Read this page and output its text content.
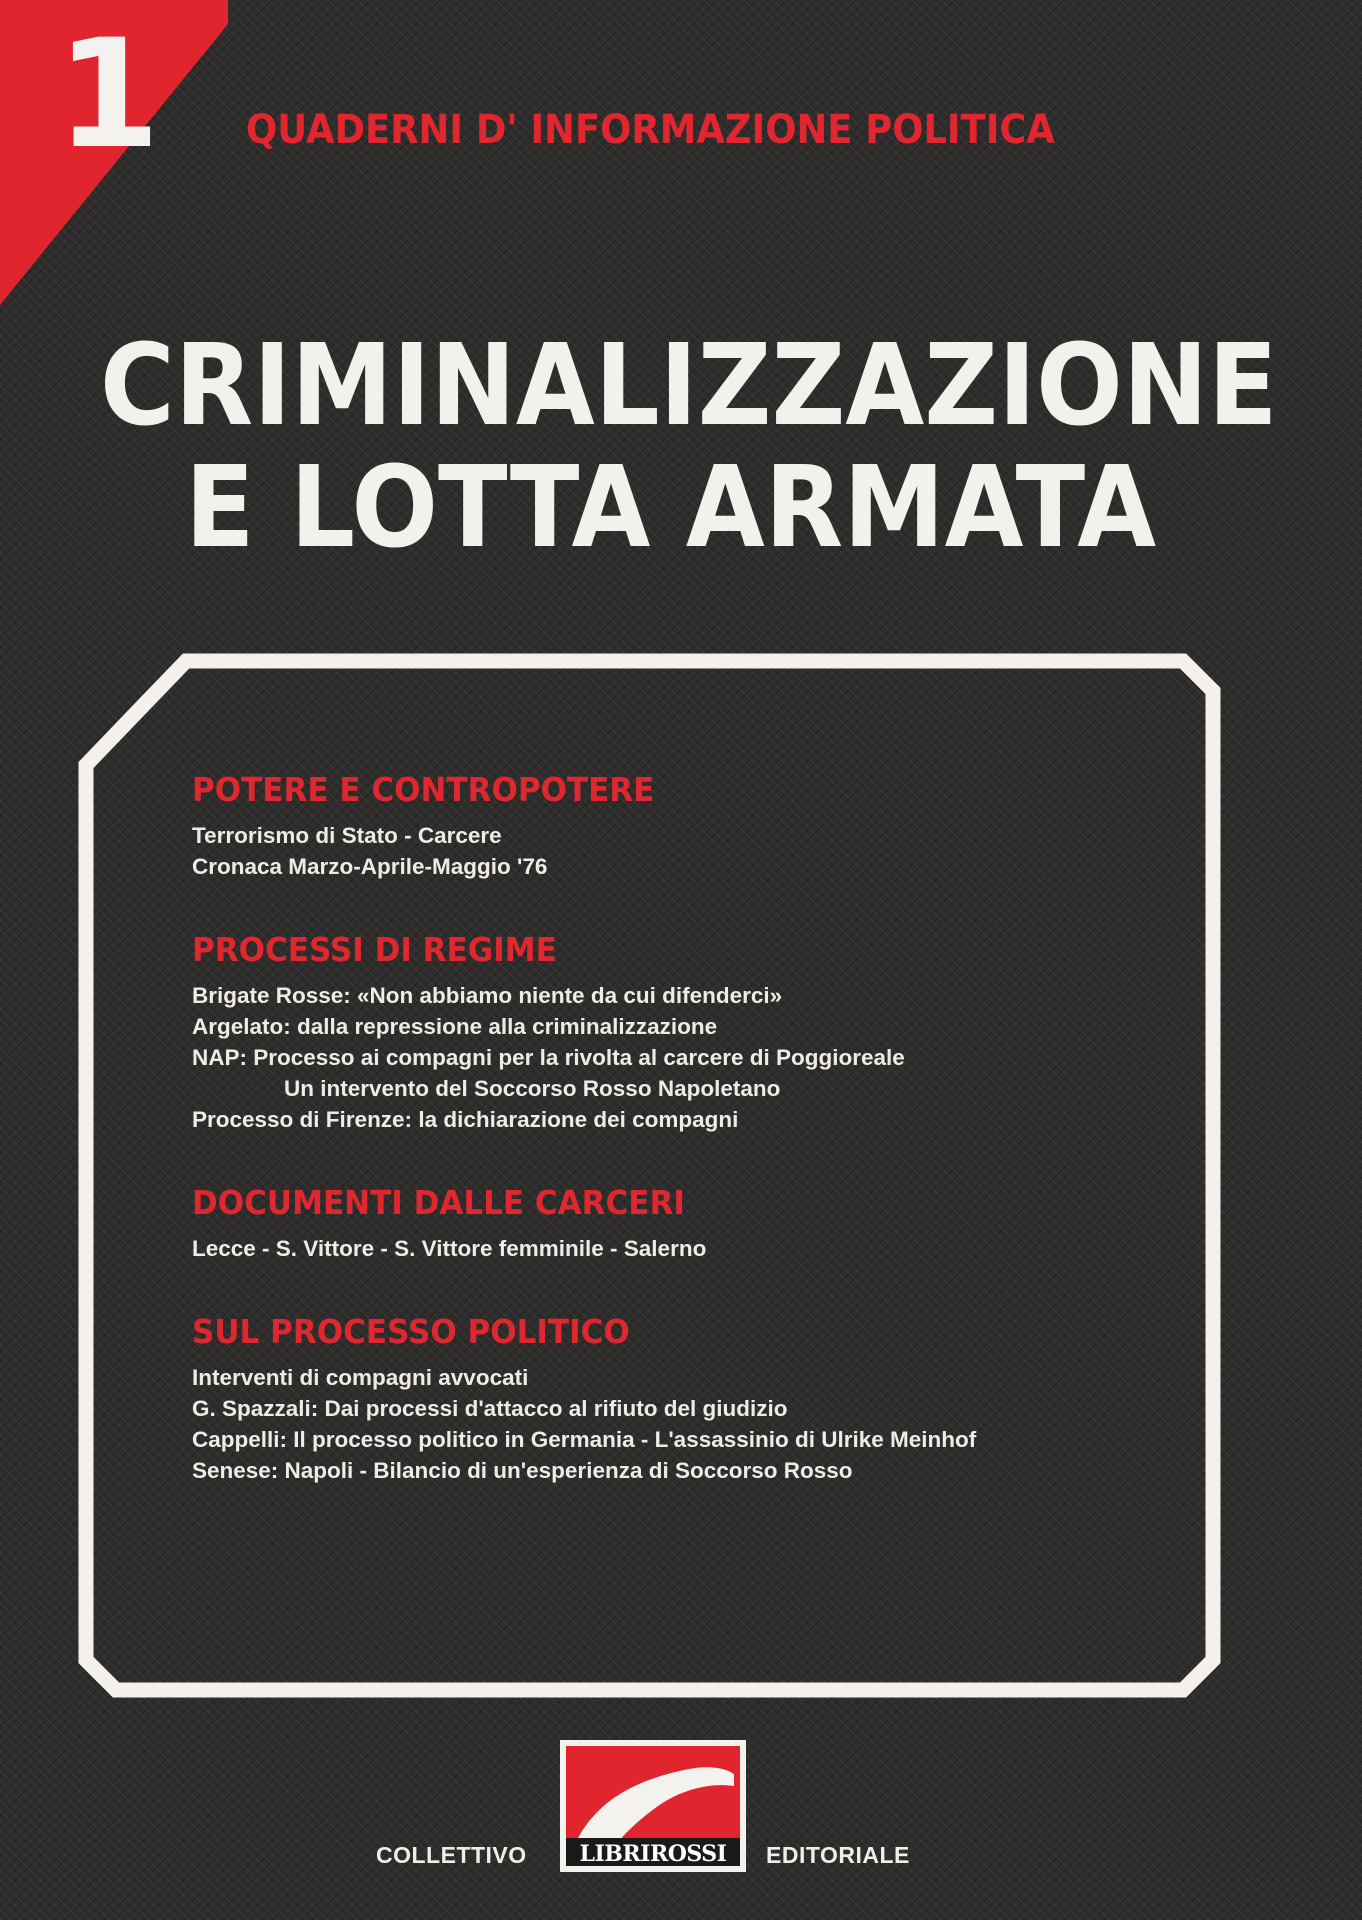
1 QUADERNI D' INFORMAZIONE POLITICA
CRIMINALIZZAZIONE
E LOTTA ARMATA
POTERE E CONTROPOTERE

Terrorismo di Stato - Carcere

Cronaca Marzo-Aprile-Maggio '76

PROCESSI DI REGIME

Brigate Rosse: «Non abbiamo niente da cui difenderci»

Argelato: dalla repressione alla criminalizzazione

NAP: Processo ai compagni per la rivolta al carcere di Poggioreale

Un intervento del Soccorso Rosso Napoletano

Processo di Firenze: la dichiarazione dei compagni

DOCUMENTI DALLE CARCERI

Lecce - S. Vittore - S. Vittore femminile - Salerno

SUL PROCESSO POLITICO

Interventi di compagni avvocati

G. Spazzali: Dai processi d'attacco al rifiuto del giudizio

Cappelli: Il processo politico in Germania - L'assassinio di Ulrike Meinhof

Senese: Napoli - Bilancio di un'esperienza di Soccorso Rosso

COLLETTIVO	LIBRIROSSI	EDITORIALE
